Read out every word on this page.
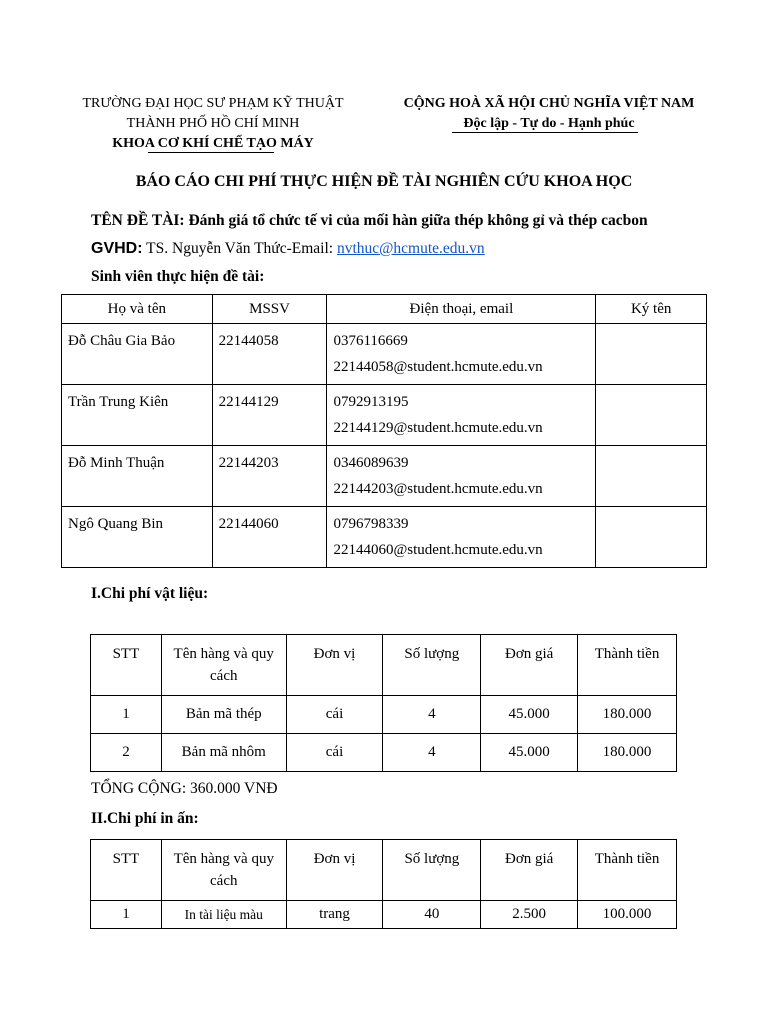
TRƯỜNG ĐẠI HỌC SƯ PHẠM KỸ THUẬT
THÀNH PHỐ HỒ CHÍ MINH
KHOA CƠ KHÍ CHẾ TẠO MÁY
CỘNG HOÀ XÃ HỘI CHỦ NGHĨA VIỆT NAM
Độc lập - Tự do - Hạnh phúc
BÁO CÁO CHI PHÍ THỰC HIỆN ĐỀ TÀI NGHIÊN CỨU KHOA HỌC
TÊN ĐỀ TÀI: Đánh giá tổ chức tế vi của mối hàn giữa thép không gỉ và thép cacbon
GVHD: TS. Nguyễn Văn Thức-Email: nvthuc@hcmute.edu.vn
Sinh viên thực hiện đề tài:
Họ và tên	MSSV	Điện thoại, email	Ký tên
Đỗ Châu Gia Bảo	22144058	0376116669
22144058@student.hcmute.edu.vn	

Trần Trung Kiên	22144129	0792913195
22144129@student.hcmute.edu.vn	

Đỗ Minh Thuận	22144203	0346089639
22144203@student.hcmute.edu.vn	

Ngô Quang Bin	22144060	0796798339
22144060@student.hcmute.edu.vn	

I.Chi phí vật liệu:
STT	Tên hàng và quy cách	Đơn vị	Số lượng	Đơn giá	Thành tiền
1	Bản mã thép	cái	4	45.000	180.000
2	Bản mã nhôm	cái	4	45.000	180.000
TỔNG CỘNG: 360.000 VNĐ
II.Chi phí in ấn:
STT	Tên hàng và quy cách	Đơn vị	Số lượng	Đơn giá	Thành tiền
1	In tài liệu màu	trang	40	2.500	100.000
